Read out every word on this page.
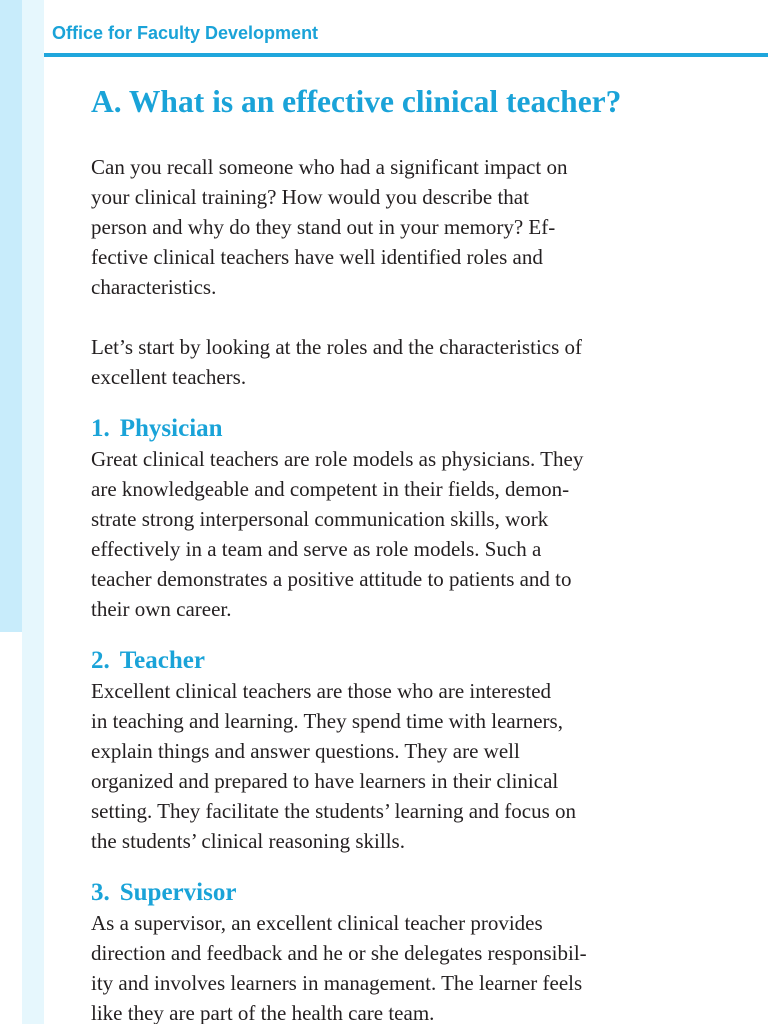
Office for Faculty Development
A. What is an effective clinical teacher?
Can you recall someone who had a significant impact on
your clinical training? How would you describe that
person and why do they stand out in your memory? Ef-
fective clinical teachers have well identified roles and
characteristics.
Let’s start by looking at the roles and the characteristics of
excellent teachers.
1. Physician
Great clinical teachers are role models as physicians. They
are knowledgeable and competent in their fields, demon-
strate strong interpersonal communication skills, work
effectively in a team and serve as role models. Such a
teacher demonstrates a positive attitude to patients and to
their own career.
2. Teacher
Excellent clinical teachers are those who are interested
in teaching and learning. They spend time with learners,
explain things and answer questions. They are well
organized and prepared to have learners in their clinical
setting. They facilitate the students’ learning and focus on
the students’ clinical reasoning skills.
3. Supervisor
As a supervisor, an excellent clinical teacher provides
direction and feedback and he or she delegates responsibil-
ity and involves learners in management. The learner feels
like they are part of the health care team.
